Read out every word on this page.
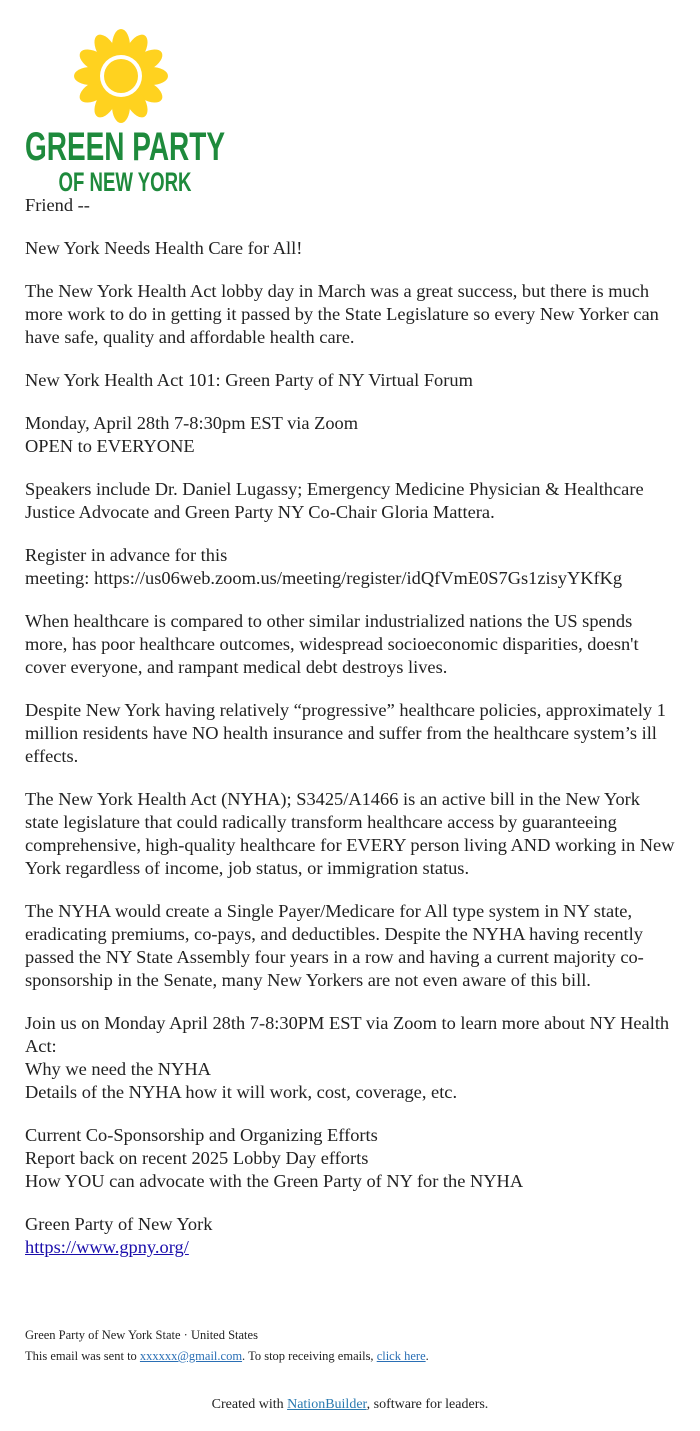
GREEN PARTY
OF NEW YORK

Friend --

New York Needs Health Care for All!

The New York Health Act lobby day in March was a great success, but there is much more work to do in getting it passed by the State Legislature so every New Yorker can have safe, quality and affordable health care.

New York Health Act 101: Green Party of NY Virtual Forum

Monday, April 28th 7-8:30pm EST via Zoom
OPEN to EVERYONE

Speakers include Dr. Daniel Lugassy; Emergency Medicine Physician & Healthcare Justice Advocate and Green Party NY Co-Chair Gloria Mattera.

Register in advance for this
meeting: https://us06web.zoom.us/meeting/register/idQfVmE0S7Gs1zisyYKfKg

When healthcare is compared to other similar industrialized nations the US spends more, has poor healthcare outcomes, widespread socioeconomic disparities, doesn't cover everyone, and rampant medical debt destroys lives.

Despite New York having relatively “progressive” healthcare policies, approximately 1 million residents have NO health insurance and suffer from the healthcare system’s ill effects.

The New York Health Act (NYHA); S3425/A1466 is an active bill in the New York state legislature that could radically transform healthcare access by guaranteeing comprehensive, high-quality healthcare for EVERY person living AND working in New York regardless of income, job status, or immigration status.

The NYHA would create a Single Payer/Medicare for All type system in NY state, eradicating premiums, co-pays, and deductibles. Despite the NYHA having recently passed the NY State Assembly four years in a row and having a current majority co-sponsorship in the Senate, many New Yorkers are not even aware of this bill.

Join us on Monday April 28th 7-8:30PM EST via Zoom to learn more about NY Health Act:
Why we need the NYHA
Details of the NYHA how it will work, cost, coverage, etc.

Current Co-Sponsorship and Organizing Efforts
Report back on recent 2025 Lobby Day efforts
How YOU can advocate with the Green Party of NY for the NYHA

Green Party of New York
https://www.gpny.org/

Green Party of New York State · United States
This email was sent to xxxxxx@gmail.com. To stop receiving emails, click here.
Created with NationBuilder, software for leaders.
